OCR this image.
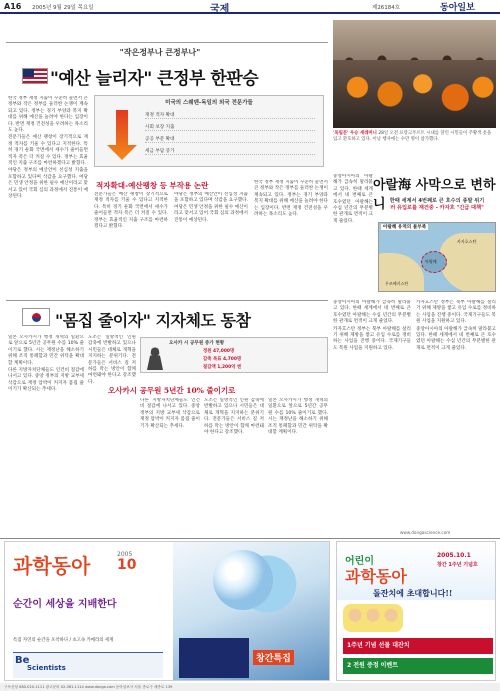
A16 2005년 9월 29일 목요일	국제	제26184호	동아일보
"작은정부나 큰정부나"
"예산 늘리자" 큰정부 한판승

한국 정부 재정 지출이 꾸준히 늘면서 큰 정부와 작은 정부를 둘러싼 논쟁이 계속되고 있다. 정부는 경기 부양과 복지 확대를 위해 예산을 늘려야 한다는 입장이다. 반면 재정 건전성을 우려하는 목소리도 높다.

전문가들은 예산 팽창이 장기적으로 재정 적자를 키울 수 있다고 지적한다. 특히 경기 둔화 국면에서 세수가 줄어들면 적자 폭은 더 커질 수 있다. 정부는 효율적인 지출 구조를 마련하겠다고 밝혔다.

야당은 정부의 예산안이 선심성 지출을 포함하고 있다며 삭감을 요구했다. 여당은 민생 안정을 위한 필수 예산이라고 맞서고 있어 국회 심의 과정에서 진통이 예상된다.

미국의 스웨덴-독일의 외국 전문가들
재정 적자 확대
사회 보장 지출
공공 부문 확대
세금 부담 증가
적자확대-예산팽창 등 부작용 논란

전문가들은 예산 팽창이 장기적으로 재정 적자를 키울 수 있다고 지적한다. 특히 경기 둔화 국면에서 세수가 줄어들면 적자 폭은 더 커질 수 있다. 정부는 효율적인 지출 구조를 마련하겠다고 밝혔다.

야당은 정부의 예산안이 선심성 지출을 포함하고 있다며 삭감을 요구했다. 여당은 민생 안정을 위한 필수 예산이라고 맞서고 있어 국회 심의 과정에서 진통이 예상된다.

한국 정부 재정 지출이 꾸준히 늘면서 큰 정부와 작은 정부를 둘러싼 논쟁이 계속되고 있다. 정부는 경기 부양과 복지 확대를 위해 예산을 늘려야 한다는 입장이다. 반면 재정 건전성을 우려하는 목소리도 높다.

'독립문' 우승 세레머니 28일 오전 프랑크푸르트 시내를 달린 시민들이 주황색 옷을 입고 환호하고 있다. 이날 행사에는 수만 명이 참가했다.
아랄海 사막으로 변하니 한때 세계서 4번째로 큰 호수의 종말 위기
러 유입로를 재건중 - 카자흐 "긴급 대책"

중앙아시아의 아랄해가 급속히 말라붙고 있다. 한때 세계에서 네 번째로 큰 호수였던 아랄해는 수십 년간의 무분별한 관개로 면적이 크게 줄었다.

아랄해 유역의 물부족
카자흐스탄
우즈베키스탄
아랄해

중앙아시아의 아랄해가 급속히 말라붙고 있다. 한때 세계에서 네 번째로 큰 호수였던 아랄해는 수십 년간의 무분별한 관개로 면적이 크게 줄었다.

카자흐스탄 정부는 북부 아랄해를 살리기 위해 제방을 쌓고 유입 수로를 정비하는 사업을 진행 중이다. 국제기구들도 복원 사업을 지원하고 있다.

카자흐스탄 정부는 북부 아랄해를 살리기 위해 제방을 쌓고 유입 수로를 정비하는 사업을 진행 중이다. 국제기구들도 복원 사업을 지원하고 있다.

중앙아시아의 아랄해가 급속히 말라붙고 있다. 한때 세계에서 네 번째로 큰 호수였던 아랄해는 수십 년간의 무분별한 관개로 면적이 크게 줄었다.

"몸집 줄이자" 지자체도 동참

일본 오사카시가 행정 개혁의 일환으로 앞으로 5년간 공무원 수를 10% 줄이기로 했다. 시는 재정난을 해소하기 위해 조직 통폐합과 민간 위탁을 확대할 계획이다.

다른 지방자치단체들도 인건비 절감에 나서고 있다. 중앙 정부의 지방 교부세 삭감으로 재정 압박이 커지자 몸집 줄이기가 확산되는 추세다.

노조는 일방적인 인원 감축에 반발하고 있으나 시민들은 대체로 개혁을 지지하는 분위기다. 전문가들은 서비스 질 저하를 막는 방안이 함께 마련돼야 한다고 강조했다.

오사카 시 공무원 증가 현황
정원 47,000명
감축 목표 4,700명
절감액 1,200억 엔
오사카시 공무원 5년간 10% 줄이기로

다른 지방자치단체들도 인건비 절감에 나서고 있다. 중앙 정부의 지방 교부세 삭감으로 재정 압박이 커지자 몸집 줄이기가 확산되는 추세다.

노조는 일방적인 인원 감축에 반발하고 있으나 시민들은 대체로 개혁을 지지하는 분위기다. 전문가들은 서비스 질 저하를 막는 방안이 함께 마련돼야 한다고 강조했다.

일본 오사카시가 행정 개혁의 일환으로 앞으로 5년간 공무원 수를 10% 줄이기로 했다. 시는 재정난을 해소하기 위해 조직 통폐합과 민간 위탁을 확대할 계획이다.

www.dongascience.com
과학동아	2005
10
순간이 세상을 지배한다
특집 자연의 순간을 포착하다 / 초고속 카메라의 세계
Be
Scientists
창간특집
어린이
과학동아
2005.10.1
창간 1주년 기념호
돌잔치에 초대합니다!!
1주년 기념 선물 대잔치
2 전원 증정 이벤트
구독신청 080-020-1111 광고문의 02-361-1114 www.donga.com 동아일보사 서울 종로구 세종로 139
